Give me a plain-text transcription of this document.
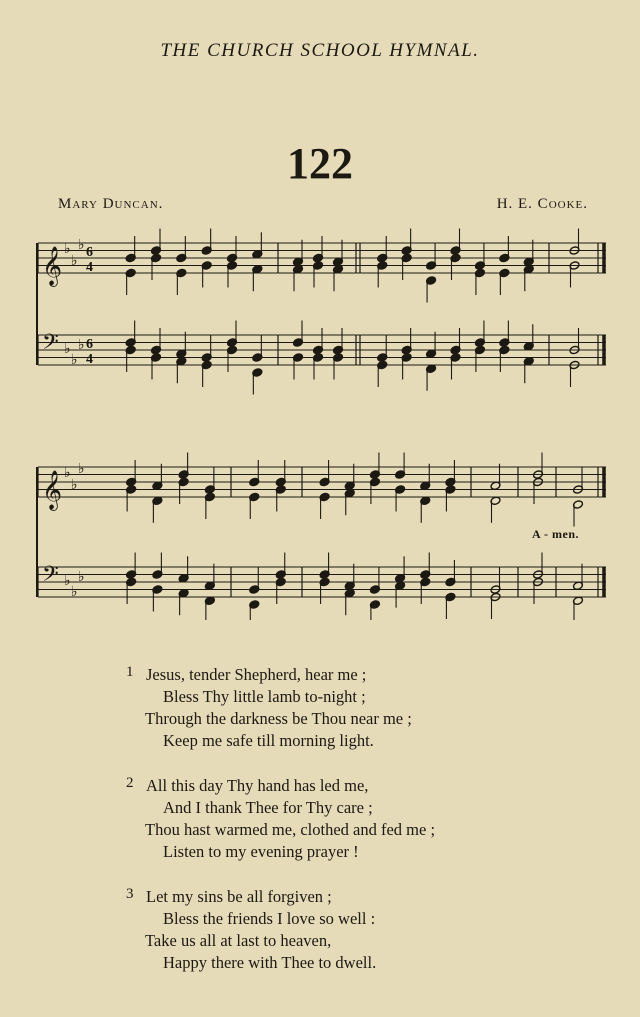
THE CHURCH SCHOOL HYMNAL.
122
Mary Duncan.	H. E. Cooke.
𝄞 ♭
♭
♭ 6
4
𝄢 ♭
♭
♭ 6
4
𝄞 ♭
♭
♭
𝄢 ♭
♭
♭
A - men.
1 Jesus, tender Shepherd, hear me ;
Bless Thy little lamb to-night ;
Through the darkness be Thou near me ;
Keep me safe till morning light.
2 All this day Thy hand has led me,
And I thank Thee for Thy care ;
Thou hast warmed me, clothed and fed me ;
Listen to my evening prayer !
3 Let my sins be all forgiven ;
Bless the friends I love so well :
Take us all at last to heaven,
Happy there with Thee to dwell.
